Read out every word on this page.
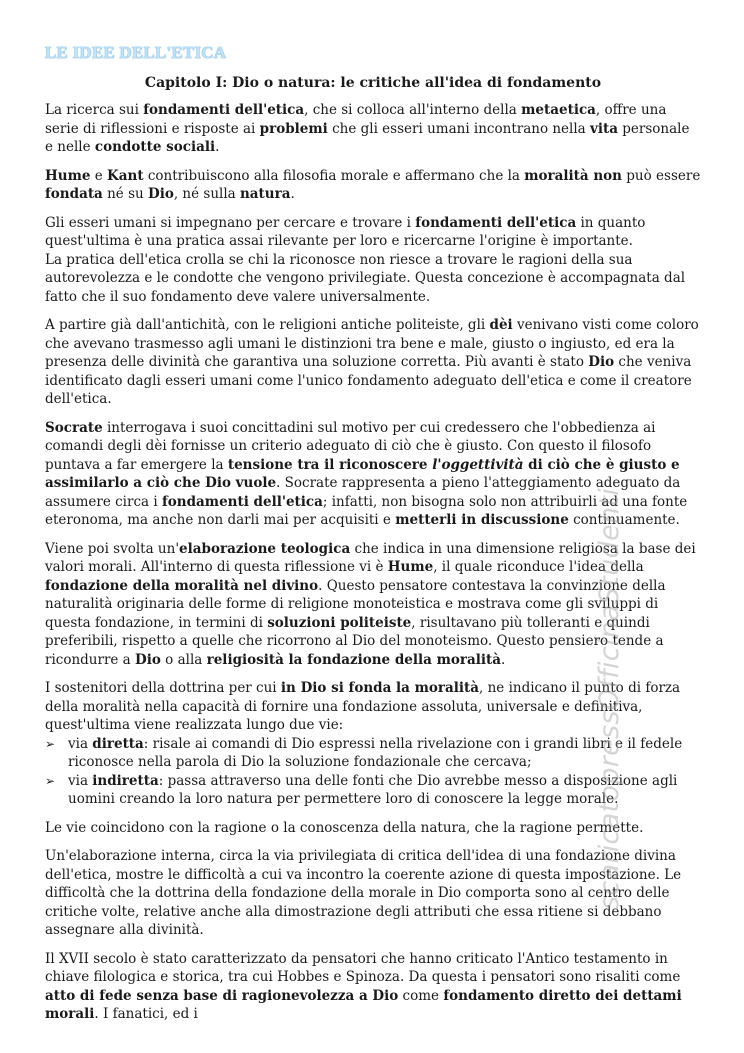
LE IDEE DELL'ETICA
Capitolo I: Dio o natura: le critiche all'idea di fondamento

La ricerca sui fondamenti dell'etica, che si colloca all'interno della metaetica, offre una serie di riflessioni e risposte ai problemi che gli esseri umani incontrano nella vita personale e nelle condotte sociali.

Hume e Kant contribuiscono alla filosofia morale e affermano che la moralità non può essere fondata né su Dio, né sulla natura.

Gli esseri umani si impegnano per cercare e trovare i fondamenti dell'etica in quanto quest'ultima è una pratica assai rilevante per loro e ricercarne l'origine è importante.
La pratica dell'etica crolla se chi la riconosce non riesce a trovare le ragioni della sua autorevolezza e le condotte che vengono privilegiate. Questa concezione è accompagnata dal fatto che il suo fondamento deve valere universalmente.

A partire già dall'antichità, con le religioni antiche politeiste, gli dèi venivano visti come coloro che avevano trasmesso agli umani le distinzioni tra bene e male, giusto o ingiusto, ed era la presenza delle divinità che garantiva una soluzione corretta. Più avanti è stato Dio che veniva identificato dagli esseri umani come l'unico fondamento adeguato dell'etica e come il creatore dell'etica.

Socrate interrogava i suoi concittadini sul motivo per cui credessero che l'obbedienza ai comandi degli dèi fornisse un criterio adeguato di ciò che è giusto. Con questo il filosofo puntava a far emergere la tensione tra il riconoscere l'oggettività di ciò che è giusto e assimilarlo a ciò che Dio vuole. Socrate rappresenta a pieno l'atteggiamento adeguato da assumere circa i fondamenti dell'etica; infatti, non bisogna solo non attribuirli ad una fonte eteronoma, ma anche non darli mai per acquisiti e metterli in discussione continuamente.

Viene poi svolta un'elaborazione teologica che indica in una dimensione religiosa la base dei valori morali. All'interno di questa riflessione vi è Hume, il quale riconduce l'idea della fondazione della moralità nel divino. Questo pensatore contestava la convinzione della naturalità originaria delle forme di religione monoteistica e mostrava come gli sviluppi di questa fondazione, in termini di soluzioni politeiste, risultavano più tolleranti e quindi preferibili, rispetto a quelle che ricorrono al Dio del monoteismo. Questo pensiero tende a ricondurre a Dio o alla religiosità la fondazione della moralità.

I sostenitori della dottrina per cui in Dio si fonda la moralità, ne indicano il punto di forza della moralità nella capacità di fornire una fondazione assoluta, universale e definitiva, quest'ultima viene realizzata lungo due vie:

➢ via diretta: risale ai comandi di Dio espressi nella rivelazione con i grandi libri e il fedele riconosce nella parola di Dio la soluzione fondazionale che cercava;
➢ via indiretta: passa attraverso una delle fonti che Dio avrebbe messo a disposizione agli uomini creando la loro natura per permettere loro di conoscere la legge morale.

Le vie coincidono con la ragione o la conoscenza della natura, che la ragione permette.

Un'elaborazione interna, circa la via privilegiata di critica dell'idea di una fondazione divina dell'etica, mostre le difficoltà a cui va incontro la coerente azione di questa impostazione. Le difficoltà che la dottrina della fondazione della morale in Dio comporta sono al centro delle critiche volte, relative anche alla dimostrazione degli attributi che essa ritiene si debbano assegnare alla divinità.

Il XVII secolo è stato caratterizzato da pensatori che hanno criticato l'Antico testamento in chiave filologica e storica, tra cui Hobbes e Spinoza. Da questa i pensatori sono risaliti come atto di fede senza base di ragionevolezza a Dio come fondamento diretto dei dettami morali. I fanatici, ed i

scaricatopressOfficinaStudenti
